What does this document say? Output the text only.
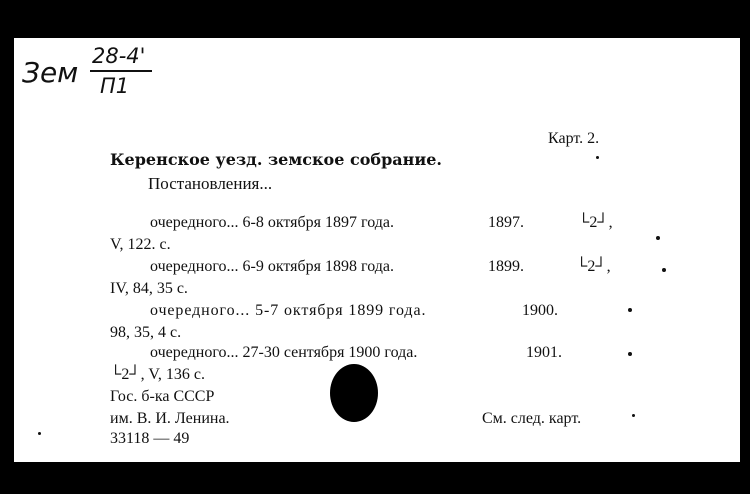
Зем 28-4'
П1
Карт. 2.
Керенское уезд. земское собрание.
Постановления...
очередного... 6-8 октября 1897 года.	1897.	└2┘,
V, 122. с.
очередного... 6-9 октября 1898 года.	1899.	└2┘,
IV, 84, 35 с.
очередного... 5-7 октября 1899 года.	1900.
98, 35, 4 с.
очередного... 27-30 сентября 1900 года.	1901.
└2┘, V, 136 с.
Гос. б-ка СССР
им. В. И. Ленина.
33118 — 49
См. след. карт.
